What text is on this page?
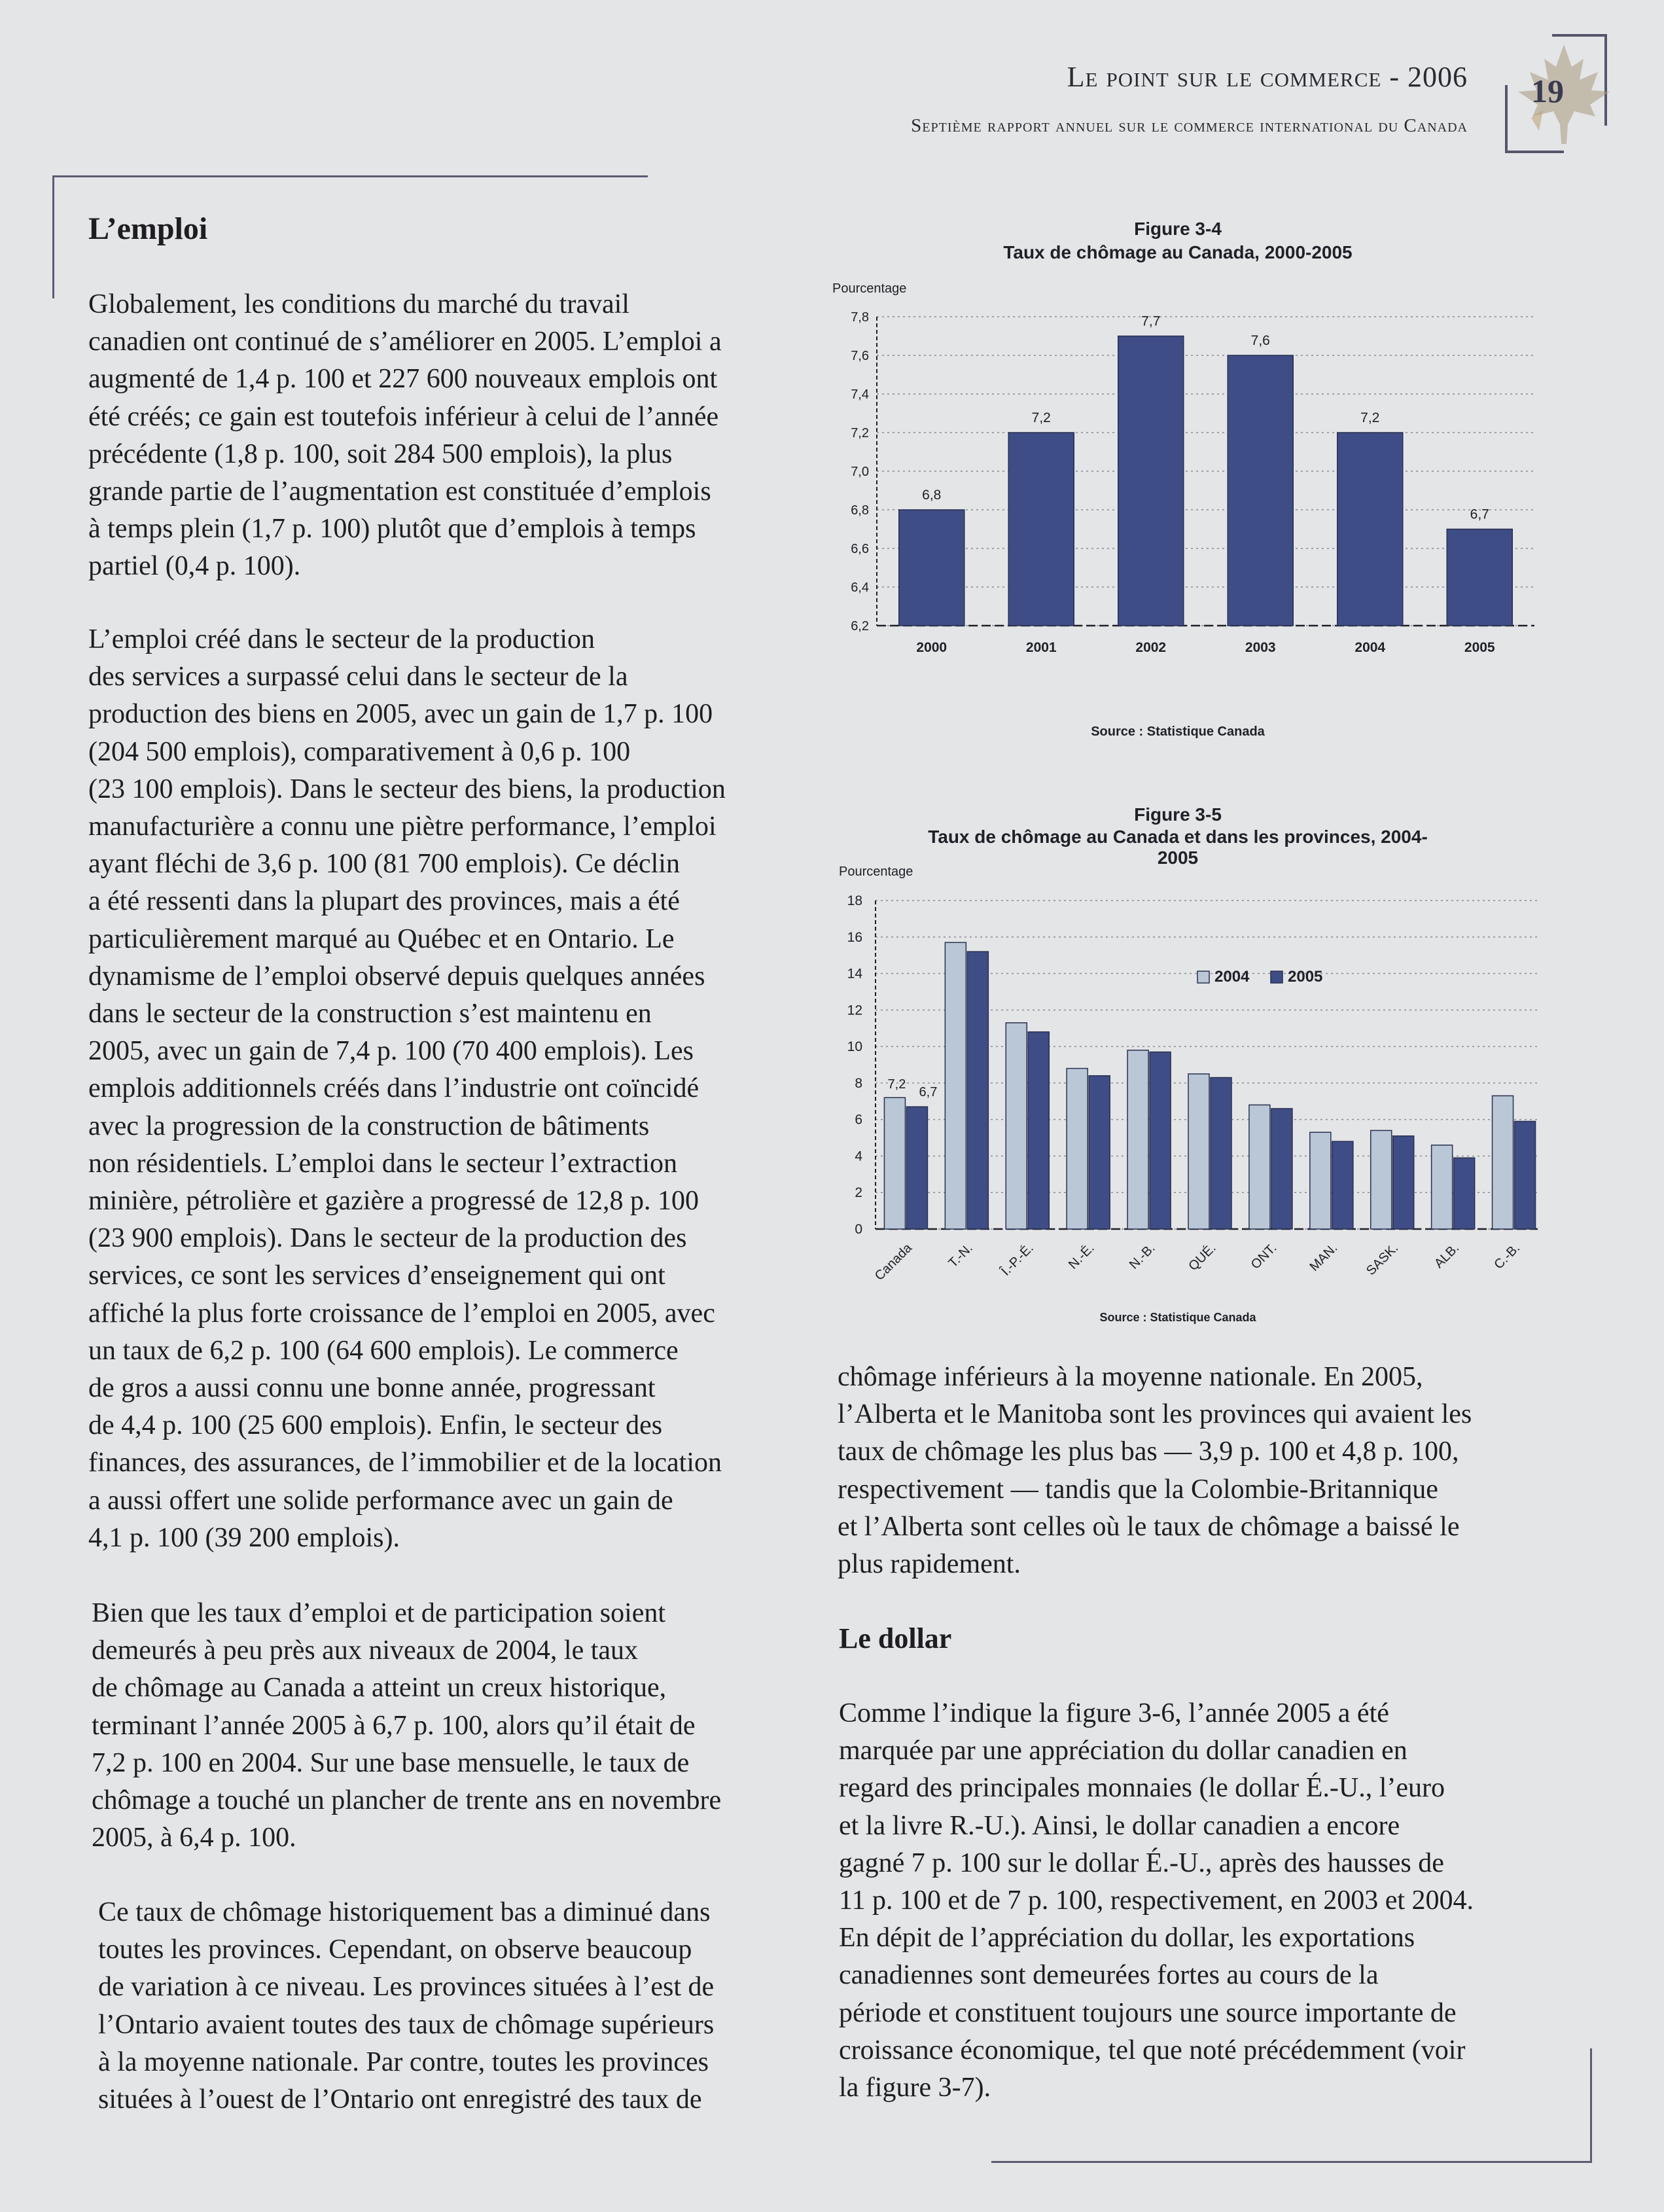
Le point sur le commerce - 2006
Septième rapport annuel sur le commerce international du Canada
19
L’emploi
Globalement, les conditions du marché du travail
canadien ont continué de s’améliorer en 2005. L’emploi a
augmenté de 1,4 p. 100 et 227 600 nouveaux emplois ont
été créés; ce gain est toutefois inférieur à celui de l’année
précédente (1,8 p. 100, soit 284 500 emplois), la plus
grande partie de l’augmentation est constituée d’emplois
à temps plein (1,7 p. 100) plutôt que d’emplois à temps
partiel (0,4 p. 100).
L’emploi créé dans le secteur de la production
des services a surpassé celui dans le secteur de la
production des biens en 2005, avec un gain de 1,7 p. 100
(204 500 emplois), comparativement à 0,6 p. 100
(23 100 emplois). Dans le secteur des biens, la production
manufacturière a connu une piètre performance, l’emploi
ayant fléchi de 3,6 p. 100 (81 700 emplois). Ce déclin
a été ressenti dans la plupart des provinces, mais a été
particulièrement marqué au Québec et en Ontario. Le
dynamisme de l’emploi observé depuis quelques années
dans le secteur de la construction s’est maintenu en
2005, avec un gain de 7,4 p. 100 (70 400 emplois). Les
emplois additionnels créés dans l’industrie ont coïncidé
avec la progression de la construction de bâtiments
non résidentiels. L’emploi dans le secteur l’extraction
minière, pétrolière et gazière a progressé de 12,8 p. 100
(23 900 emplois). Dans le secteur de la production des
services, ce sont les services d’enseignement qui ont
affiché la plus forte croissance de l’emploi en 2005, avec
un taux de 6,2 p. 100 (64 600 emplois). Le commerce
de gros a aussi connu une bonne année, progressant
de 4,4 p. 100 (25 600 emplois). Enfin, le secteur des
finances, des assurances, de l’immobilier et de la location
a aussi offert une solide performance avec un gain de
4,1 p. 100 (39 200 emplois).
Bien que les taux d’emploi et de participation soient
demeurés à peu près aux niveaux de 2004, le taux
de chômage au Canada a atteint un creux historique,
terminant l’année 2005 à 6,7 p. 100, alors qu’il était de
7,2 p. 100 en 2004. Sur une base mensuelle, le taux de
chômage a touché un plancher de trente ans en novembre
2005, à 6,4 p. 100.
Ce taux de chômage historiquement bas a diminué dans
toutes les provinces. Cependant, on observe beaucoup
de variation à ce niveau. Les provinces situées à l’est de
l’Ontario avaient toutes des taux de chômage supérieurs
à la moyenne nationale. Par contre, toutes les provinces
situées à l’ouest de l’Ontario ont enregistré des taux de
chômage inférieurs à la moyenne nationale. En 2005,
l’Alberta et le Manitoba sont les provinces qui avaient les
taux de chômage les plus bas — 3,9 p. 100 et 4,8 p. 100,
respectivement — tandis que la Colombie-Britannique
et l’Alberta sont celles où le taux de chômage a baissé le
plus rapidement.
Le dollar
Comme l’indique la figure 3-6, l’année 2005 a été
marquée par une appréciation du dollar canadien en
regard des principales monnaies (le dollar É.-U., l’euro
et la livre R.-U.). Ainsi, le dollar canadien a encore
gagné 7 p. 100 sur le dollar É.-U., après des hausses de
11 p. 100 et de 7 p. 100, respectivement, en 2003 et 2004.
En dépit de l’appréciation du dollar, les exportations
canadiennes sont demeurées fortes au cours de la
période et constituent toujours une source importante de
croissance économique, tel que noté précédemment (voir
la figure 3-7).
Figure 3-4
Taux de chômage au Canada, 2000-2005
Pourcentage
6,2
6,4
6,6
6,8
7,0
7,2
7,4
7,6
7,8
6,8
2000
7,2
2001
7,7
2002
7,6
2003
7,2
2004
6,7
2005
Source : Statistique Canada
Figure 3-5
Taux de chômage au Canada et dans les provinces, 2004-2005
Pourcentage
0
2
4
6
8
10
12
14
16
18
Canada T.-N. Î.-P.-É. N.-É. N.-B. QUÉ. ONT. MAN. SASK. ALB. C.-B.
7,2
6,7
2004 2005
Source : Statistique Canada
